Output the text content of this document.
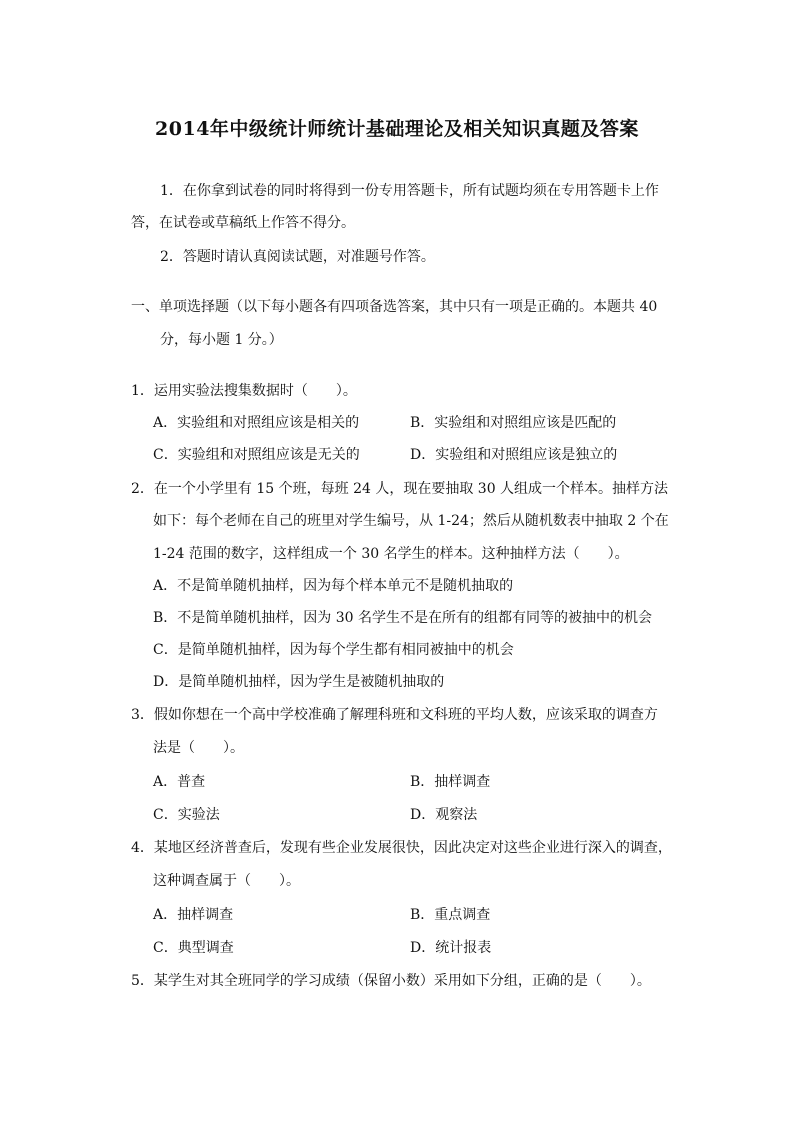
2014年中级统计师统计基础理论及相关知识真题及答案
1．在你拿到试卷的同时将得到一份专用答题卡，所有试题均须在专用答题卡上作
答，在试卷或草稿纸上作答不得分。
2．答题时请认真阅读试题，对准题号作答。
一、单项选择题（以下每小题各有四项备选答案，其中只有一项是正确的。本题共 40
分，每小题 1 分。）
1．运用实验法搜集数据时（　　）。
A．实验组和对照组应该是相关的	B．实验组和对照组应该是匹配的
C．实验组和对照组应该是无关的	D．实验组和对照组应该是独立的
2．在一个小学里有 15 个班，每班 24 人，现在要抽取 30 人组成一个样本。抽样方法
如下：每个老师在自己的班里对学生编号，从 1-24；然后从随机数表中抽取 2 个在
1-24 范围的数字，这样组成一个 30 名学生的样本。这种抽样方法（　　）。
A．不是简单随机抽样，因为每个样本单元不是随机抽取的
B．不是简单随机抽样，因为 30 名学生不是在所有的组都有同等的被抽中的机会
C．是简单随机抽样，因为每个学生都有相同被抽中的机会
D．是简单随机抽样，因为学生是被随机抽取的
3．假如你想在一个高中学校准确了解理科班和文科班的平均人数，应该采取的调查方
法是（　　）。
A．普查	B．抽样调查
C．实验法	D．观察法
4．某地区经济普查后，发现有些企业发展很快，因此决定对这些企业进行深入的调查，
这种调查属于（　　）。
A．抽样调查	B．重点调查
C．典型调查	D．统计报表
5．某学生对其全班同学的学习成绩（保留小数）采用如下分组，正确的是（　　）。
